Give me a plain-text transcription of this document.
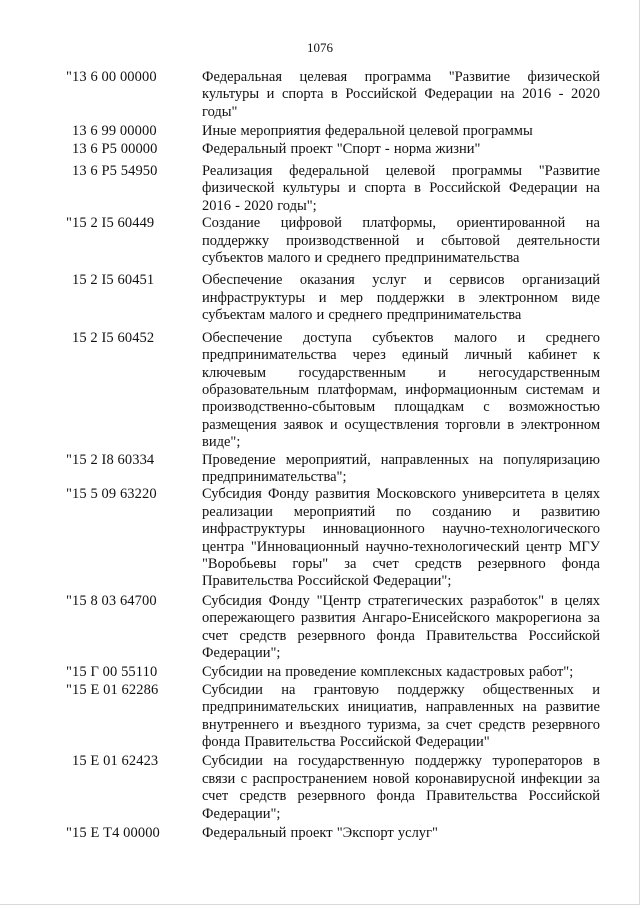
1076
"13 6 00 00000	Федеральная целевая программа "Развитие физической культуры и спорта в Российской Федерации на 2016 - 2020 годы"
13 6 99 00000	Иные мероприятия федеральной целевой программы
13 6 P5 00000	Федеральный проект "Спорт - норма жизни"
13 6 P5 54950	Реализация федеральной целевой программы "Развитие физической культуры и спорта в Российской Федерации на 2016 - 2020 годы";
"15 2 I5 60449	Создание цифровой платформы, ориентированной на поддержку производственной и сбытовой деятельности субъектов малого и среднего предпринимательства
15 2 I5 60451	Обеспечение оказания услуг и сервисов организаций инфраструктуры и мер поддержки в электронном виде субъектам малого и среднего предпринимательства
15 2 I5 60452	Обеспечение доступа субъектов малого и среднего предпринимательства через единый личный кабинет к ключевым государственным и негосударственным образовательным платформам, информационным системам и производственно-сбытовым площадкам с возможностью размещения заявок и осуществления торговли в электронном виде";
"15 2 I8 60334	Проведение мероприятий, направленных на популяризацию предпринимательства";
"15 5 09 63220	Субсидия Фонду развития Московского университета в целях реализации мероприятий по созданию и развитию инфраструктуры инновационного научно-технологического центра "Инновационный научно-технологический центр МГУ "Воробьевы горы" за счет средств резервного фонда Правительства Российской Федерации";
"15 8 03 64700	Субсидия Фонду "Центр стратегических разработок" в целях опережающего развития Ангаро-Енисейского макрорегиона за счет средств резервного фонда Правительства Российской Федерации";
"15 Г 00 55110	Субсидии на проведение комплексных кадастровых работ";
"15 Е 01 62286	Субсидии на грантовую поддержку общественных и предпринимательских инициатив, направленных на развитие внутреннего и въездного туризма, за счет средств резервного фонда Правительства Российской Федерации"
15 Е 01 62423	Субсидии на государственную поддержку туроператоров в связи с распространением новой коронавирусной инфекции за счет средств резервного фонда Правительства Российской Федерации";
"15 Е Т4 00000	Федеральный проект "Экспорт услуг"
